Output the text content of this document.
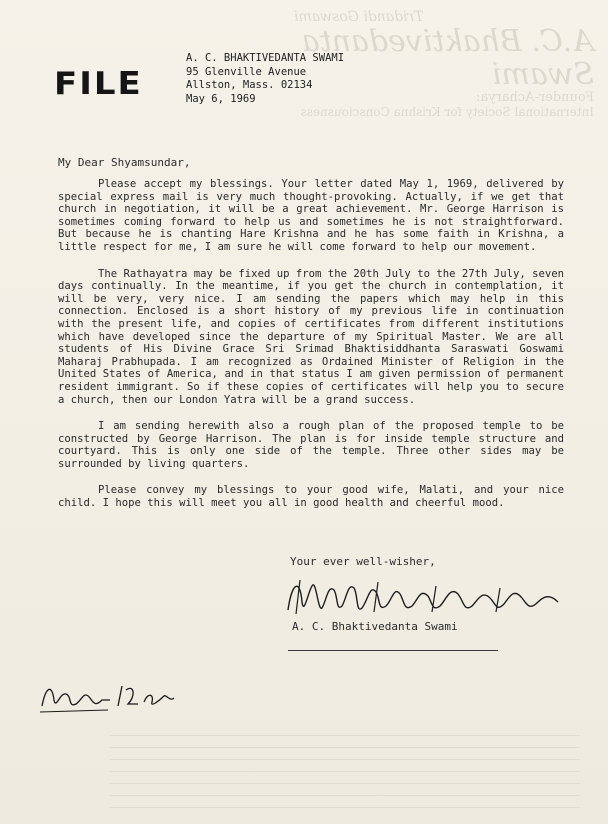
Tridandi Goswami
A.C. Bhaktivedanta Swami
Founder-Acharya:
International Society for Krishna Consciousness
FILE
A. C. BHAKTIVEDANTA SWAMI
95 Glenville Avenue
Allston, Mass. 02134
May 6, 1969
My Dear Shyamsundar,

Please accept my blessings. Your letter dated May 1, 1969, delivered by special express mail is very much thought-provoking. Actually, if we get that church in negotiation, it will be a great achievement. Mr. George Harrison is sometimes coming forward to help us and sometimes he is not straightforward. But because he is chanting Hare Krishna and he has some faith in Krishna, a little respect for me, I am sure he will come forward to help our movement.

The Rathayatra may be fixed up from the 20th July to the 27th July, seven days continually. In the meantime, if you get the church in contemplation, it will be very, very nice. I am sending the papers which may help in this connection. Enclosed is a short history of my previous life in continuation with the present life, and copies of certificates from different institutions which have developed since the departure of my Spiritual Master. We are all students of His Divine Grace Sri Srimad Bhaktisiddhanta Saraswati Goswami Maharaj Prabhupada. I am recognized as Ordained Minister of Religion in the United States of America, and in that status I am given permission of permanent resident immigrant. So if these copies of certificates will help you to secure a church, then our London Yatra will be a grand success.

I am sending herewith also a rough plan of the proposed temple to be constructed by George Harrison. The plan is for inside temple structure and courtyard. This is only one side of the temple. Three other sides may be surrounded by living quarters.

Please convey my blessings to your good wife, Malati, and your nice child. I hope this will meet you all in good health and cheerful mood.

Your ever well-wisher,
A. C. Bhaktivedanta Swami
